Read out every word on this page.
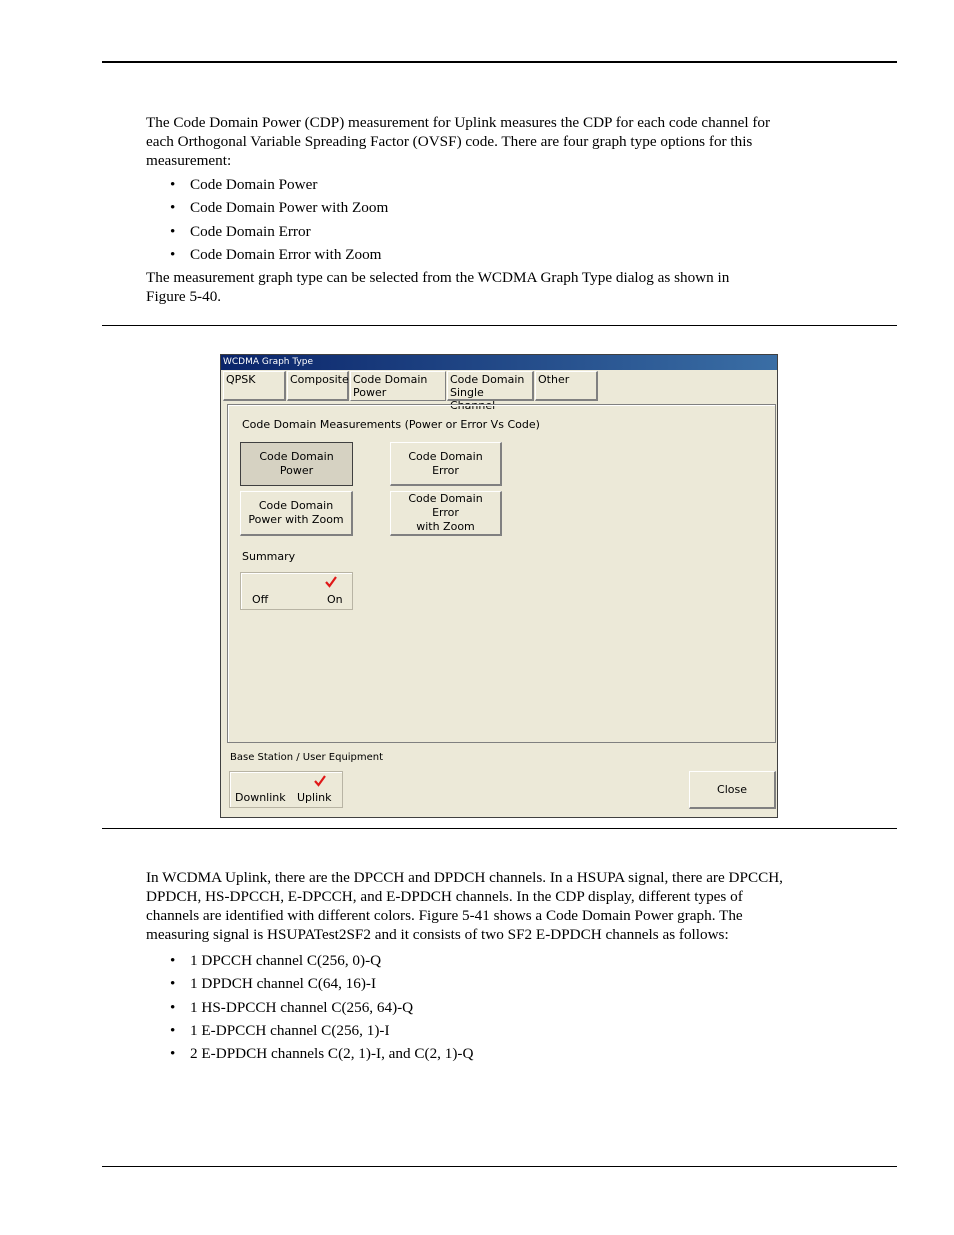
The Code Domain Power (CDP) measurement for Uplink measures the CDP for each code channel for
each Orthogonal Variable Spreading Factor (OVSF) code. There are four graph type options for this
measurement:

• Code Domain Power
• Code Domain Power with Zoom
• Code Domain Error
• Code Domain Error with Zoom

The measurement graph type can be selected from the WCDMA Graph Type dialog as shown in
Figure 5-40.

WCDMA Graph Type
QPSK	Composite Code Domain
Power
Code Domain
Single Channel
Other
Code Domain Measurements (Power or Error Vs Code)
Code Domain
Power
Code Domain Error
Code Domain
Power with Zoom
Code Domain Error
with Zoom
Summary
Off	On
Base Station / User Equipment
Downlink Uplink
Close

In WCDMA Uplink, there are the DPCCH and DPDCH channels. In a HSUPA signal, there are DPCCH,
DPDCH, HS-DPCCH, E-DPCCH, and E-DPDCH channels. In the CDP display, different types of
channels are identified with different colors. Figure 5-41 shows a Code Domain Power graph. The
measuring signal is HSUPATest2SF2 and it consists of two SF2 E-DPDCH channels as follows:

• 1 DPCCH channel C(256, 0)-Q
• 1 DPDCH channel C(64, 16)-I
• 1 HS-DPCCH channel C(256, 64)-Q
• 1 E-DPCCH channel C(256, 1)-I
• 2 E-DPDCH channels C(2, 1)-I, and C(2, 1)-Q
